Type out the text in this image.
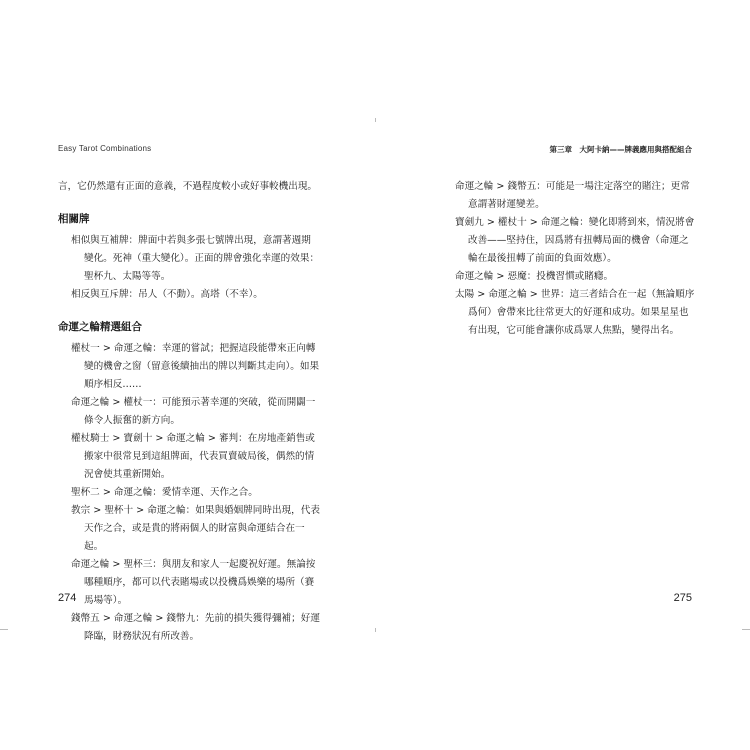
Easy Tarot Combinations

言，它仍然還有正面的意義，不過程度較小或好事較機出現。

相關牌

相似與互補牌：牌面中若與多張七號牌出現，意謂著週期變化。死神（重大變化）。正面的牌會強化幸運的效果：聖杯九、太陽等等。

相反與互斥牌：吊人（不動）。高塔（不幸）。

命運之輪精選組合

權杖一 > 命運之輪：幸運的嘗試；把握這段能帶來正向轉變的機會之窗（留意後續抽出的牌以判斷其走向）。如果順序相反……

命運之輪 > 權杖一：可能預示著幸運的突破，從而開闢一條令人振奮的新方向。

權杖騎士 > 寶劍十 > 命運之輪 > 審判：在房地產銷售或搬家中很常見到這組牌面，代表買賣破局後，偶然的情況會使其重新開始。

聖杯二 > 命運之輪：愛情幸運、天作之合。

教宗 > 聖杯十 > 命運之輪：如果與婚姻牌同時出現，代表天作之合，或是貴的將兩個人的財富與命運結合在一起。

命運之輪 > 聖杯三：與朋友和家人一起慶祝好運。無論按哪種順序，都可以代表賭場或以投機爲娛樂的場所（賽馬場等）。

錢幣五 > 命運之輪 > 錢幣九：先前的損失獲得彌補；好運降臨，財務狀況有所改善。

274
第三章　大阿卡納——牌義應用與搭配組合

命運之輪 > 錢幣五：可能是一場注定落空的賭注；更常意謂著財運變差。

寶劍九 > 權杖十 > 命運之輪：變化即將到來，情況將會改善——堅持住，因爲將有扭轉局面的機會（命運之輪在最後扭轉了前面的負面效應）。

命運之輪 > 惡魔：投機習慣或賭癮。

太陽 > 命運之輪 > 世界：這三者結合在一起（無論順序爲何）會帶來比往常更大的好運和成功。如果星星也有出現，它可能會讓你成爲眾人焦點，變得出名。

275
